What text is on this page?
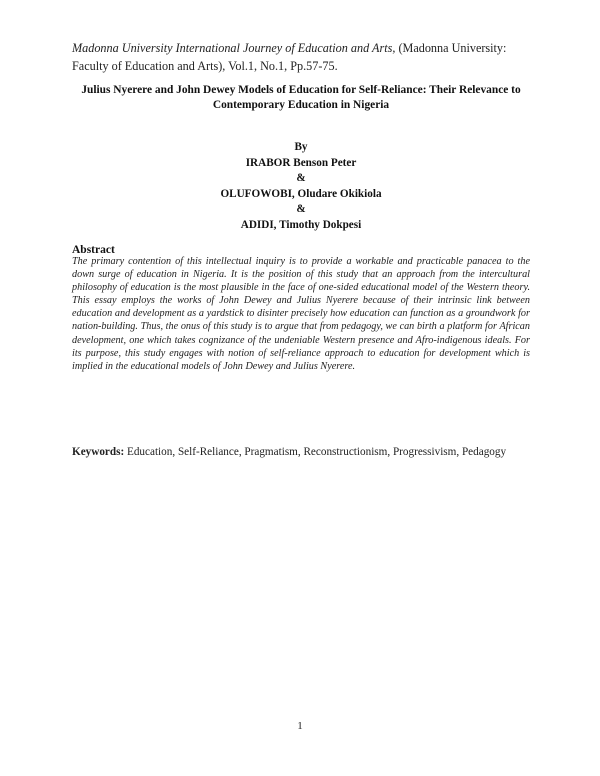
Madonna University International Journey of Education and Arts, (Madonna University: Faculty of Education and Arts), Vol.1, No.1, Pp.57-75.
Julius Nyerere and John Dewey Models of Education for Self-Reliance: Their Relevance to Contemporary Education in Nigeria
By
IRABOR Benson Peter
&
OLUFOWOBI, Oludare Okikiola
&
ADIDI, Timothy Dokpesi
Abstract
The primary contention of this intellectual inquiry is to provide a workable and practicable panacea to the down surge of education in Nigeria. It is the position of this study that an approach from the intercultural philosophy of education is the most plausible in the face of one-sided educational model of the Western theory. This essay employs the works of John Dewey and Julius Nyerere because of their intrinsic link between education and development as a yardstick to disinter precisely how education can function as a groundwork for nation-building. Thus, the onus of this study is to argue that from pedagogy, we can birth a platform for African development, one which takes cognizance of the undeniable Western presence and Afro-indigenous ideals. For its purpose, this study engages with notion of self-reliance approach to education for development which is implied in the educational models of John Dewey and Julius Nyerere.
Keywords: Education, Self-Reliance, Pragmatism, Reconstructionism, Progressivism, Pedagogy
1
